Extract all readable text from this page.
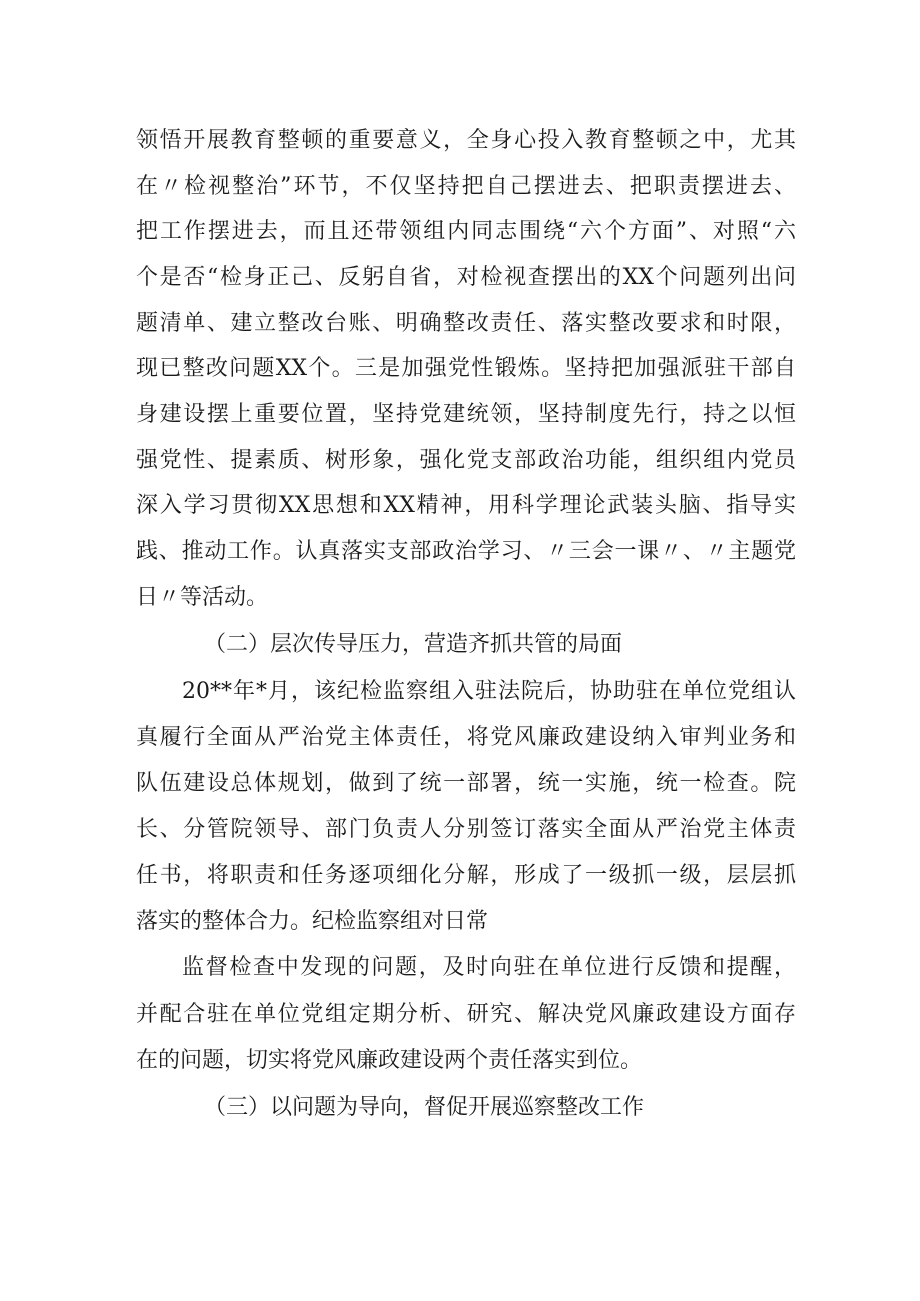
领悟开展教育整顿的重要意义，全身心投入教育整顿之中，尤其
在〃检视整治”环节，不仅坚持把自己摆进去、把职责摆进去、
把工作摆进去，而且还带领组内同志围绕“六个方面”、对照“六
个是否“检身正己、反躬自省，对检视查摆出的XX个问题列出问
题清单、建立整改台账、明确整改责任、落实整改要求和时限，
现已整改问题XX个。三是加强党性锻炼。坚持把加强派驻干部自
身建设摆上重要位置，坚持党建统领，坚持制度先行，持之以恒
强党性、提素质、树形象，强化党支部政治功能，组织组内党员
深入学习贯彻XX思想和XX精神，用科学理论武装头脑、指导实
践、推动工作。认真落实支部政治学习、〃三会一课〃、〃主题党
日〃等活动。
（二）层次传导压力，营造齐抓共管的局面
20**年*月，该纪检监察组入驻法院后，协助驻在单位党组认
真履行全面从严治党主体责任，将党风廉政建设纳入审判业务和
队伍建设总体规划，做到了统一部署，统一实施，统一检查。院
长、分管院领导、部门负责人分别签订落实全面从严治党主体责
任书，将职责和任务逐项细化分解，形成了一级抓一级，层层抓
落实的整体合力。纪检监察组对日常
监督检查中发现的问题，及时向驻在单位进行反馈和提醒，
并配合驻在单位党组定期分析、研究、解决党风廉政建设方面存
在的问题，切实将党风廉政建设两个责任落实到位。
（三）以问题为导向，督促开展巡察整改工作
